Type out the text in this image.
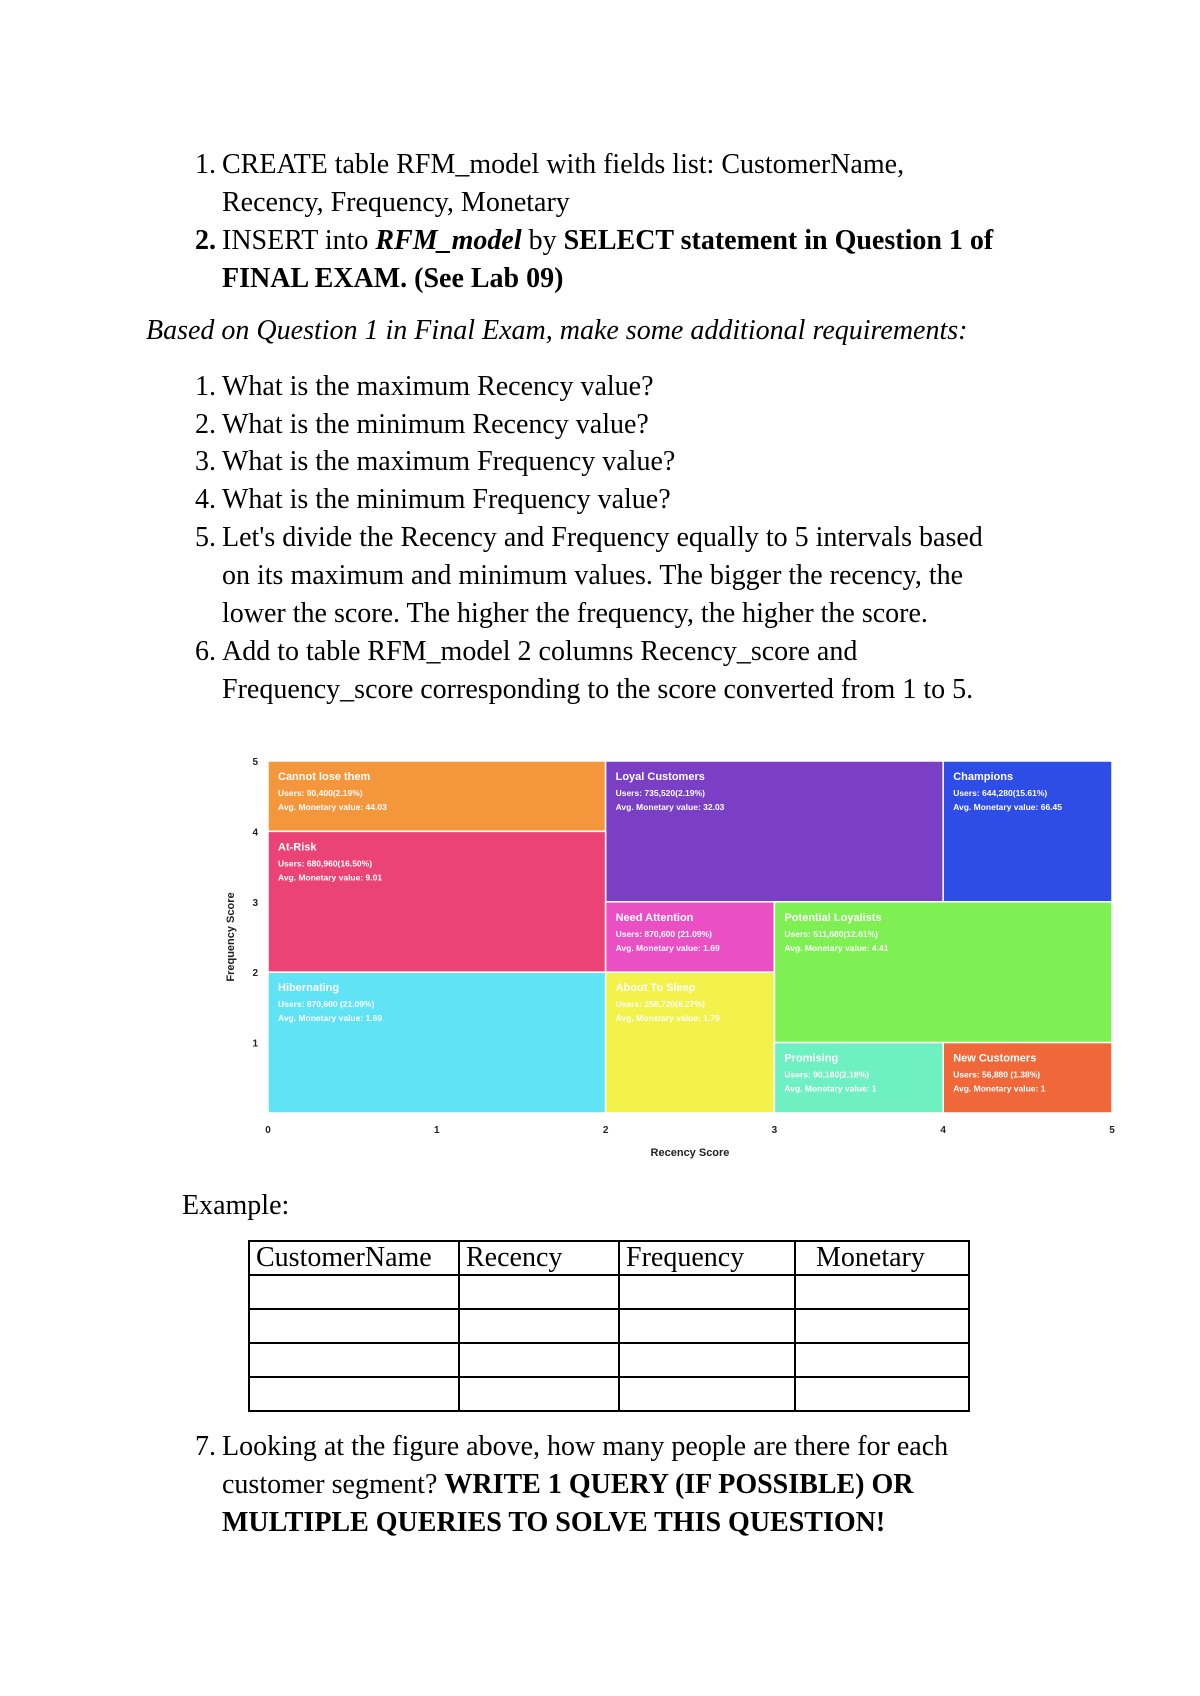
1. CREATE table RFM_model with fields list: CustomerName,
Recency, Frequency, Monetary
2. INSERT into RFM_model by SELECT statement in Question 1 of
FINAL EXAM. (See Lab 09)
Based on Question 1 in Final Exam, make some additional requirements:
1. What is the maximum Recency value?
2. What is the minimum Recency value?
3. What is the maximum Frequency value?
4. What is the minimum Frequency value?
5. Let's divide the Recency and Frequency equally to 5 intervals based
on its maximum and minimum values. The bigger the recency, the
lower the score. The higher the frequency, the higher the score.
6. Add to table RFM_model 2 columns Recency_score and
Frequency_score corresponding to the score converted from 1 to 5.
Cannot lose them
Users: 90,400(2.19%)
Avg. Monetary value: 44.03
Loyal Customers
Users: 735,520(2.19%)
Avg. Monetary value: 32.03
Champions
Users: 644,280(15.61%)
Avg. Monetary value: 66.45
At-Risk
Users: 680,960(16.50%)
Avg. Monetary value: 9.01
Need Attention
Users: 870,600 (21.09%)
Avg. Monetary value: 1.69
Potential Loyalists
Users: 511,680(12.61%)
Avg. Monetary value: 4.41
Hibernating
Users: 870,600 (21.09%)
Avg. Monetary value: 1.69
About To Sleep
Users: 258,720(6.27%)
Avg. Monetary value: 1.79
Promising
Users: 90,160(2.18%)
Avg. Monetary value: 1
New Customers
Users: 56,880 (1.38%)
Avg. Monetary value: 1
0	1	2	3	4	5
1
2
3
4
5
Recency Score
Frequency Score
Example:
CustomerName	Recency	Frequency	Monetary

7. Looking at the figure above, how many people are there for each
customer segment? WRITE 1 QUERY (IF POSSIBLE) OR
MULTIPLE QUERIES TO SOLVE THIS QUESTION!
